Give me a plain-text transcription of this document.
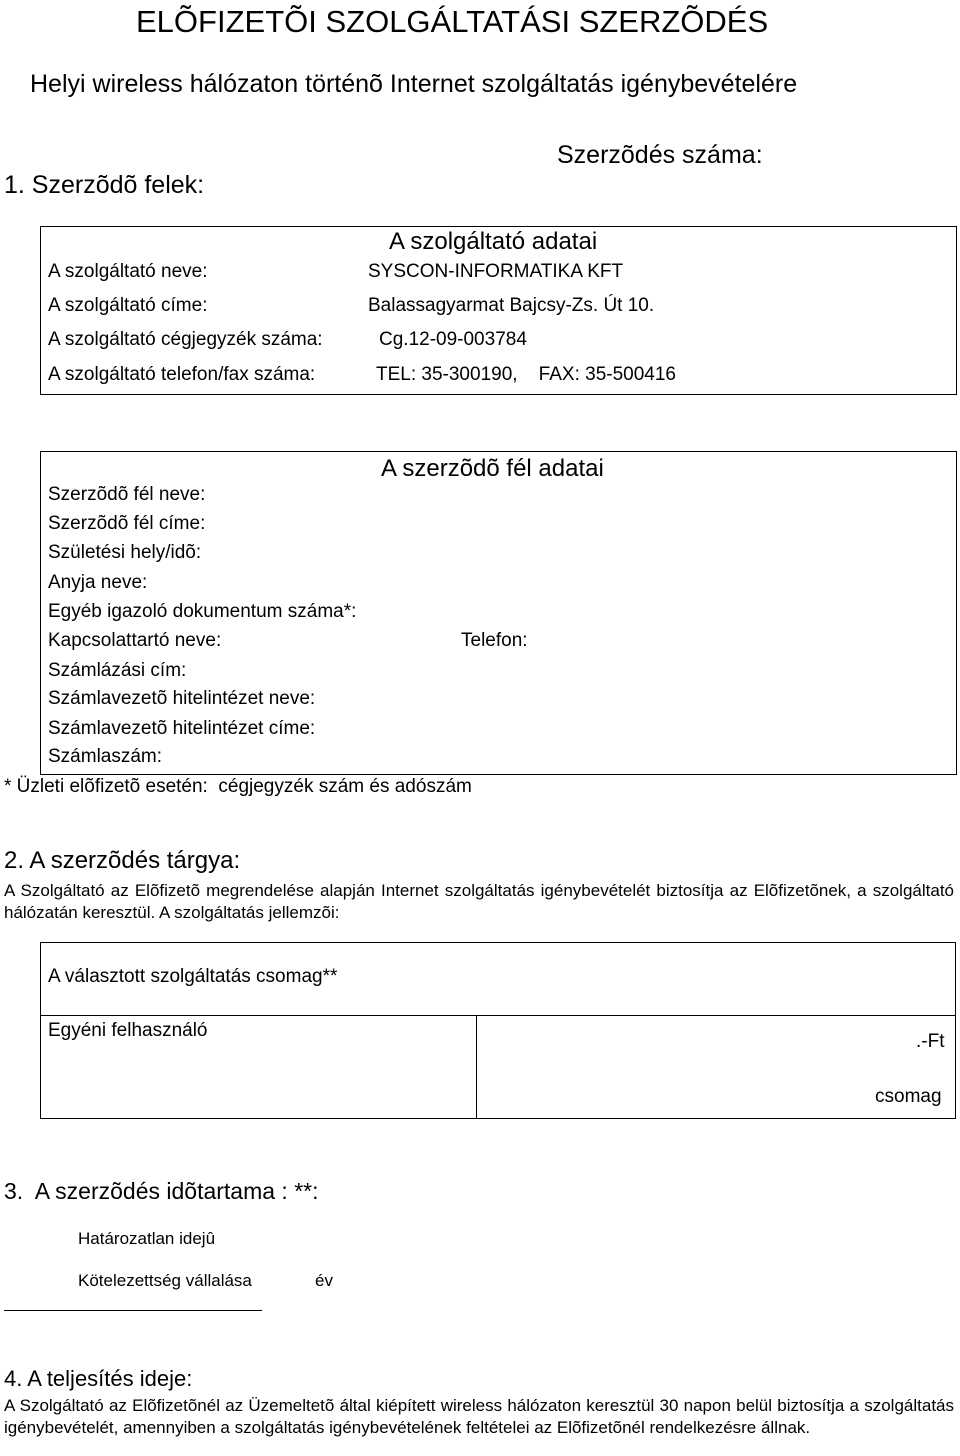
ELÕFIZETÕI SZOLGÁLTATÁSI SZERZÕDÉS
Helyi wireless hálózaton történõ Internet szolgáltatás igénybevételére
Szerzõdés száma:
1. Szerzõdõ felek:
A szolgáltató adatai
A szolgáltató neve:	SYSCON-INFORMATIKA KFT
A szolgáltató címe:	Balassagyarmat Bajcsy-Zs. Út 10.
A szolgáltató cégjegyzék száma:	Cg.12-09-003784
A szolgáltató telefon/fax száma:	TEL: 35-300190,    FAX: 35-500416
A szerzõdõ fél adatai
Szerzõdõ fél neve:
Szerzõdõ fél címe:
Születési hely/idõ:
Anyja neve:
Egyéb igazoló dokumentum száma*:
Kapcsolattartó neve:	Telefon:
Számlázási cím:
Számlavezetõ hitelintézet neve:
Számlavezetõ hitelintézet címe:
Számlaszám:
* Üzleti elõfizetõ esetén:  cégjegyzék szám és adószám
2. A szerzõdés tárgya:
A Szolgáltató az Elõfizetõ megrendelése alapján Internet szolgáltatás igénybevételét biztosítja az Elõfizetõnek, a szolgáltató hálózatán keresztül. A szolgáltatás jellemzõi:
A választott szolgáltatás csomag**
Egyéni felhasználó
.-Ft
csomag
3.  A szerzõdés idõtartama : **:
Határozatlan idejû
Kötelezettség vállalása	év
4. A teljesítés ideje:
A Szolgáltató az Elõfizetõnél az Üzemeltetõ által kiépített wireless hálózaton keresztül 30 napon belül biztosítja a szolgáltatás igénybevételét, amennyiben a szolgáltatás igénybevételének feltételei az Elõfizetõnél rendelkezésre állnak.
